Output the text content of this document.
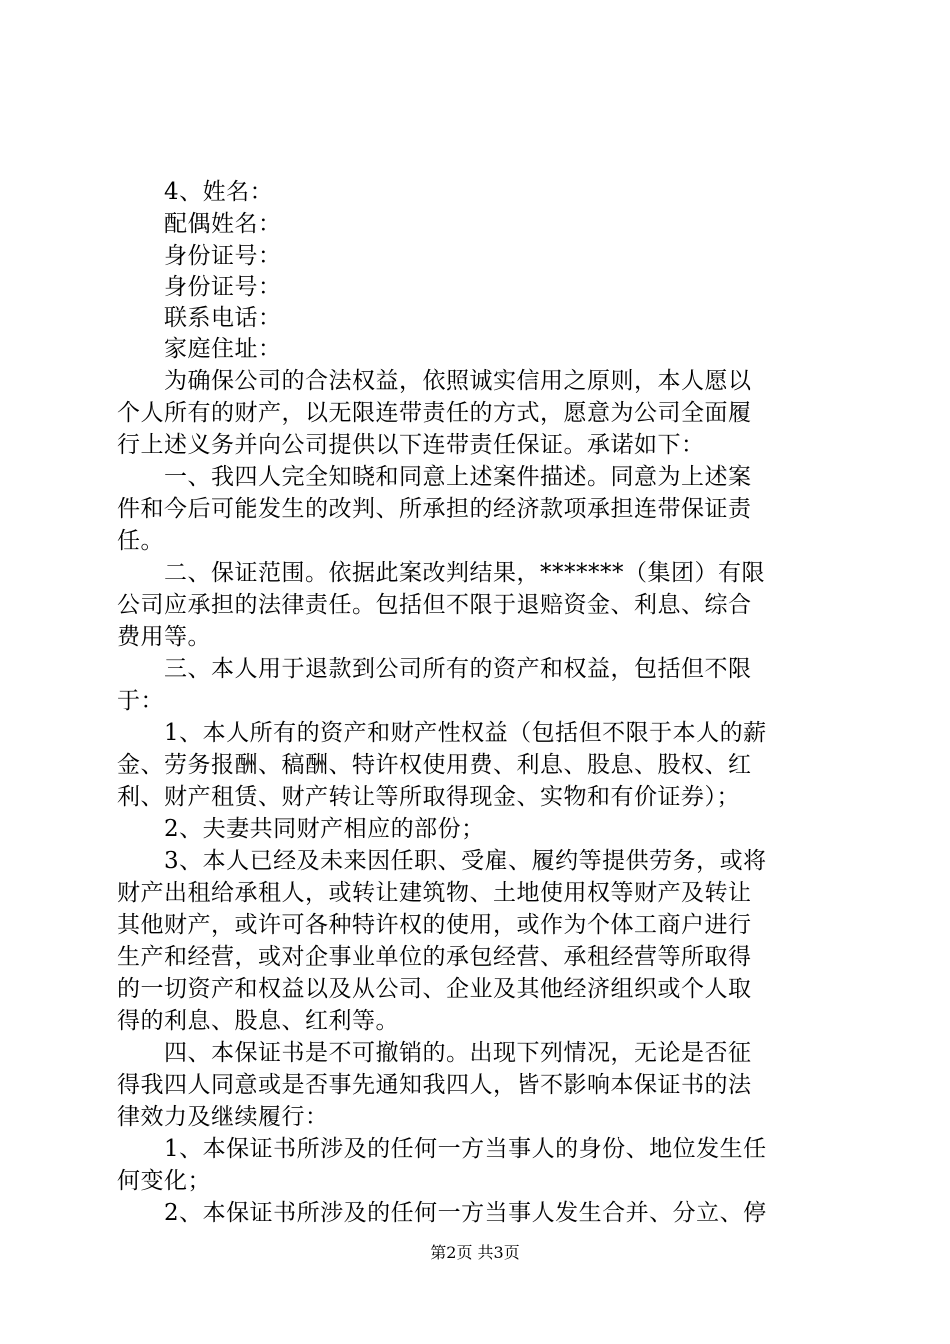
　　4、姓名：
　　配偶姓名：
　　身份证号：
　　身份证号：
　　联系电话：
　　家庭住址：
　　为确保公司的合法权益，依照诚实信用之原则，本人愿以
个人所有的财产，以无限连带责任的方式，愿意为公司全面履
行上述义务并向公司提供以下连带责任保证。承诺如下：
　　一、我四人完全知晓和同意上述案件描述。同意为上述案
件和今后可能发生的改判、所承担的经济款项承担连带保证责
任。
　　二、保证范围。依据此案改判结果，*******（集团）有限
公司应承担的法律责任。包括但不限于退赔资金、利息、综合
费用等。
　　三、本人用于退款到公司所有的资产和权益，包括但不限
于：
　　1、本人所有的资产和财产性权益（包括但不限于本人的薪
金、劳务报酬、稿酬、特许权使用费、利息、股息、股权、红
利、财产租赁、财产转让等所取得现金、实物和有价证券）；
　　2、夫妻共同财产相应的部份；
　　3、本人已经及未来因任职、受雇、履约等提供劳务，或将
财产出租给承租人，或转让建筑物、土地使用权等财产及转让
其他财产，或许可各种特许权的使用，或作为个体工商户进行
生产和经营，或对企事业单位的承包经营、承租经营等所取得
的一切资产和权益以及从公司、企业及其他经济组织或个人取
得的利息、股息、红利等。
　　四、本保证书是不可撤销的。出现下列情况，无论是否征
得我四人同意或是否事先通知我四人，皆不影响本保证书的法
律效力及继续履行：
　　1、本保证书所涉及的任何一方当事人的身份、地位发生任
何变化；
　　2、本保证书所涉及的任何一方当事人发生合并、分立、停
第2页 共3页
